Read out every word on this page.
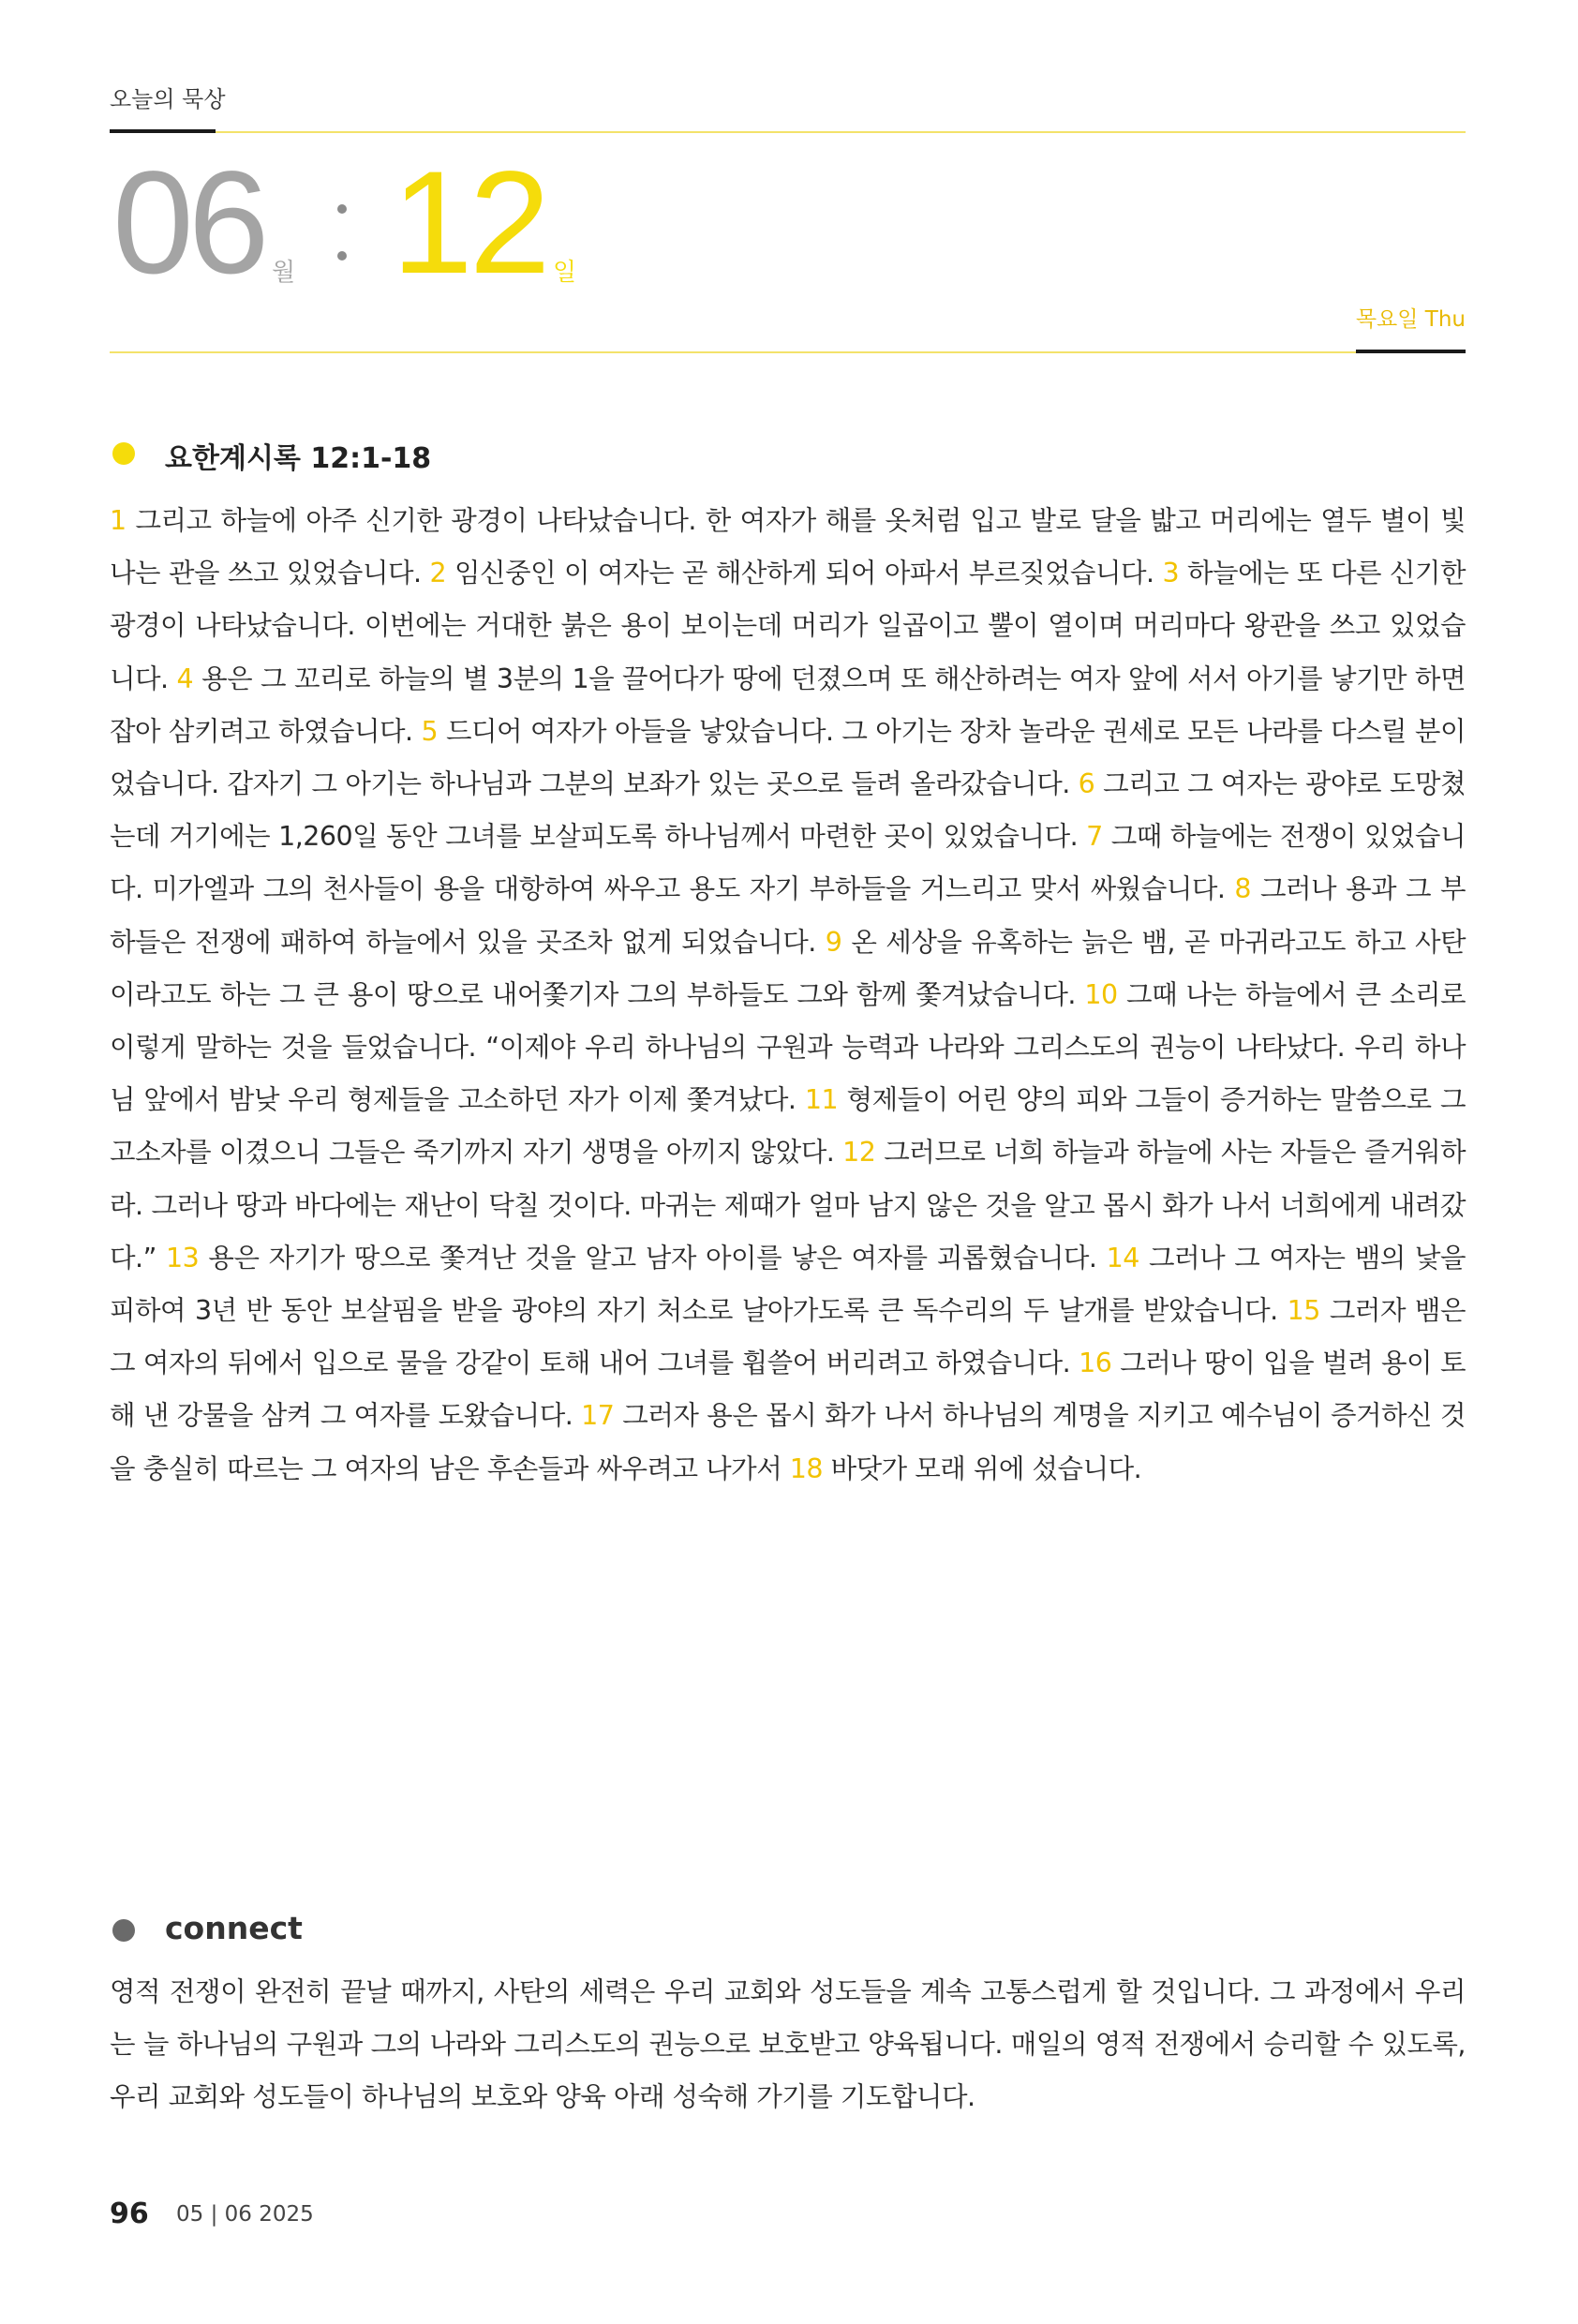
오늘의 묵상
06 월 12 일
목요일 Thu
요한계시록 12:1-18
1 그리고 하늘에 아주 신기한 광경이 나타났습니다. 한 여자가 해를 옷처럼 입고 발로 달을 밟고 머리에는 열두 별이 빛나는 관을 쓰고 있었습니다. 2 임신중인 이 여자는 곧 해산하게 되어 아파서 부르짖었습니다. 3 하늘에는 또 다른 신기한 광경이 나타났습니다. 이번에는 거대한 붉은 용이 보이는데 머리가 일곱이고 뿔이 열이며 머리마다 왕관을 쓰고 있었습니다. 4 용은 그 꼬리로 하늘의 별 3분의 1을 끌어다가 땅에 던졌으며 또 해산하려는 여자 앞에 서서 아기를 낳기만 하면 잡아 삼키려고 하였습니다. 5 드디어 여자가 아들을 낳았습니다. 그 아기는 장차 놀라운 권세로 모든 나라를 다스릴 분이었습니다. 갑자기 그 아기는 하나님과 그분의 보좌가 있는 곳으로 들려 올라갔습니다. 6 그리고 그 여자는 광야로 도망쳤는데 거기에는 1,260일 동안 그녀를 보살피도록 하나님께서 마련한 곳이 있었습니다. 7 그때 하늘에는 전쟁이 있었습니다. 미가엘과 그의 천사들이 용을 대항하여 싸우고 용도 자기 부하들을 거느리고 맞서 싸웠습니다. 8 그러나 용과 그 부하들은 전쟁에 패하여 하늘에서 있을 곳조차 없게 되었습니다. 9 온 세상을 유혹하는 늙은 뱀, 곧 마귀라고도 하고 사탄이라고도 하는 그 큰 용이 땅으로 내어쫓기자 그의 부하들도 그와 함께 쫓겨났습니다. 10 그때 나는 하늘에서 큰 소리로 이렇게 말하는 것을 들었습니다. “이제야 우리 하나님의 구원과 능력과 나라와 그리스도의 권능이 나타났다. 우리 하나님 앞에서 밤낮 우리 형제들을 고소하던 자가 이제 쫓겨났다. 11 형제들이 어린 양의 피와 그들이 증거하는 말씀으로 그 고소자를 이겼으니 그들은 죽기까지 자기 생명을 아끼지 않았다. 12 그러므로 너희 하늘과 하늘에 사는 자들은 즐거워하라. 그러나 땅과 바다에는 재난이 닥칠 것이다. 마귀는 제때가 얼마 남지 않은 것을 알고 몹시 화가 나서 너희에게 내려갔다.” 13 용은 자기가 땅으로 쫓겨난 것을 알고 남자 아이를 낳은 여자를 괴롭혔습니다. 14 그러나 그 여자는 뱀의 낯을 피하여 3년 반 동안 보살핌을 받을 광야의 자기 처소로 날아가도록 큰 독수리의 두 날개를 받았습니다. 15 그러자 뱀은 그 여자의 뒤에서 입으로 물을 강같이 토해 내어 그녀를 휩쓸어 버리려고 하였습니다. 16 그러나 땅이 입을 벌려 용이 토해 낸 강물을 삼켜 그 여자를 도왔습니다. 17 그러자 용은 몹시 화가 나서 하나님의 계명을 지키고 예수님이 증거하신 것을 충실히 따르는 그 여자의 남은 후손들과 싸우려고 나가서 18 바닷가 모래 위에 섰습니다.
connect
영적 전쟁이 완전히 끝날 때까지, 사탄의 세력은 우리 교회와 성도들을 계속 고통스럽게 할 것입니다. 그 과정에서 우리는 늘 하나님의 구원과 그의 나라와 그리스도의 권능으로 보호받고 양육됩니다. 매일의 영적 전쟁에서 승리할 수 있도록, 우리 교회와 성도들이 하나님의 보호와 양육 아래 성숙해 가기를 기도합니다.
96 05 | 06 2025
